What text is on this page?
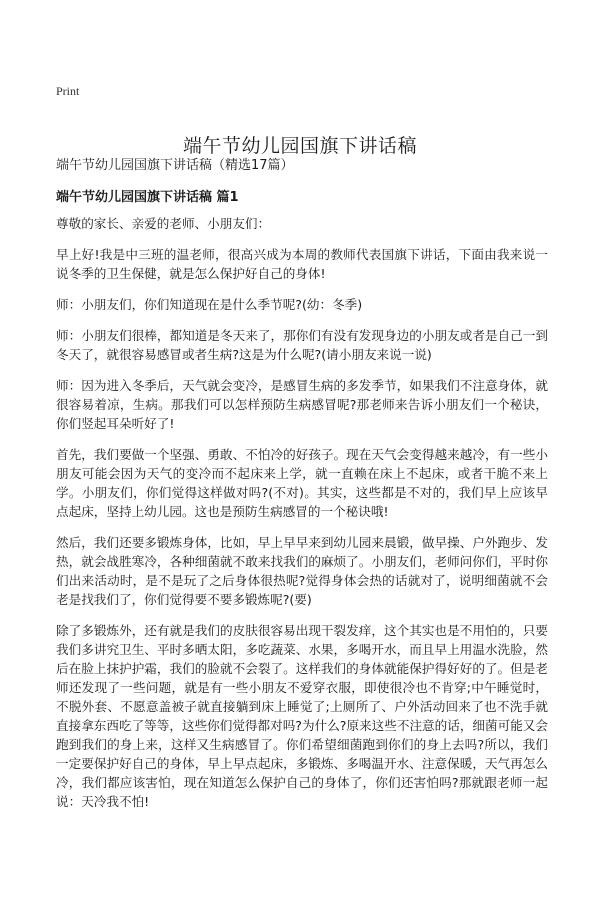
Print
端午节幼儿园国旗下讲话稿
端午节幼儿园国旗下讲话稿（精选17篇）
端午节幼儿园国旗下讲话稿 篇1

尊敬的家长、亲爱的老师、小朋友们：

早上好!我是中三班的温老师，很高兴成为本周的教师代表国旗下讲话，下面由我来说一说冬季的卫生保健，就是怎么保护好自己的身体!

师：小朋友们，你们知道现在是什么季节呢?(幼：冬季)

师：小朋友们很棒，都知道是冬天来了，那你们有没有发现身边的小朋友或者是自己一到冬天了，就很容易感冒或者生病?这是为什么呢?(请小朋友来说一说)

师：因为进入冬季后，天气就会变冷，是感冒生病的多发季节，如果我们不注意身体，就很容易着凉，生病。那我们可以怎样预防生病感冒呢?那老师来告诉小朋友们一个秘诀，你们竖起耳朵听好了!

首先，我们要做一个坚强、勇敢、不怕冷的好孩子。现在天气会变得越来越冷，有一些小朋友可能会因为天气的变冷而不起床来上学，就一直赖在床上不起床，或者干脆不来上学。小朋友们，你们觉得这样做对吗?(不对)。其实，这些都是不对的，我们早上应该早点起床，坚持上幼儿园。这也是预防生病感冒的一个秘诀哦!

然后，我们还要多锻炼身体，比如，早上早早来到幼儿园来晨锻，做早操、户外跑步、发热，就会战胜寒冷，各种细菌就不敢来找我们的麻烦了。小朋友们，老师问你们，平时你们出来活动时，是不是玩了之后身体很热呢?觉得身体会热的话就对了，说明细菌就不会老是找我们了，你们觉得要不要多锻炼呢?(要)

除了多锻炼外，还有就是我们的皮肤很容易出现干裂发痒，这个其实也是不用怕的，只要我们多讲究卫生、平时多晒太阳，多吃蔬菜、水果，多喝开水，而且早上用温水洗脸，然后在脸上抹护护霜，我们的脸就不会裂了。这样我们的身体就能保护得好好的了。但是老师还发现了一些问题，就是有一些小朋友不爱穿衣服，即使很冷也不肯穿;中午睡觉时，不脱外套、不愿意盖被子就直接躺到床上睡觉了;上厕所了、户外活动回来了也不洗手就直接拿东西吃了等等，这些你们觉得都对吗?为什么?原来这些不注意的话，细菌可能又会跑到我们的身上来，这样又生病感冒了。你们希望细菌跑到你们的身上去吗?所以，我们一定要保护好自己的身体，早上早点起床，多锻炼、多喝温开水、注意保暖，天气再怎么冷，我们都应该害怕，现在知道怎么保护自己的身体了，你们还害怕吗?那就跟老师一起说：天冷我不怕!
